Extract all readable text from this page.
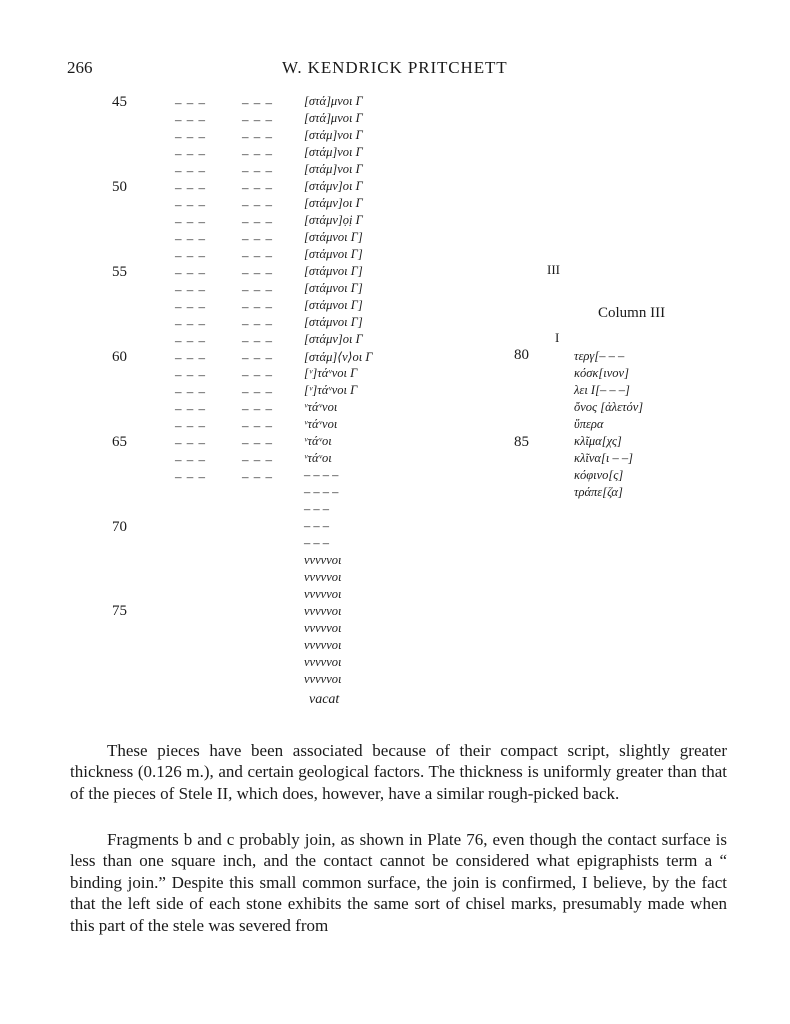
266	W. KENDRICK PRITCHETT
45
50
55
60
65
70
75
80
85
– – –
– – –
– – –
– – –
– – –
– – –
– – –
– – –
– – –
– – –
– – –
– – –
– – –
– – –
– – –
– – –
– – –
– – –
– – –
– – –
– – –
– – –
– – –
– – –
– – –
– – –
– – –
– – –
– – –
– – –
– – –
– – –
– – –
– – –
– – –
– – –
– – –
– – –
– – –
– – –
– – –
– – –
– – –
– – –
– – –
– – –
[στά]μνοι Γ
[στά]μνοι Γ
[στάμ]νοι Γ
[στάμ]νοι Γ
[στάμ]νοι Γ
[στάμν]οι Γ
[στάμν]οι Γ
[στάμν]ọị Γ
[στάμνοι Γ]
[στάμνοι Γ]
[στάμνοι Γ]
[στάμνοι Γ]
[στάμνοι Γ]
[στάμνοι Γ]
[στάμν]οι Γ
[στάμ]⟨ν⟩οι Γ
[ᵛ]τάᵛνοι Γ
[ᵛ]τάᵛνοι Γ
ᵛτάᵛνοι
ᵛτάᵛνοι
ᵛτάᵛοι
ᵛτάᵛοι
– – – –
– – – –
– – –
– – –
– – –
vvvvvοι
vvvvvοι
vvvvvοι
vvvvvοι
vvvvvοι
vvvvvοι
vvvvvοι
vvvvvοι
vacat
III
Column III
I
τεργ[– – –
κόσκ[ινον]
λει Ι[– – –]
ὄνος [ἀλετόν]
ὕπερα
κλῖμα[χς]
κλῖνα[ι – –]
κόφινο[ς]
τράπε[ζα]

These pieces have been associated because of their compact script, slightly greater thickness (0.126 m.), and certain geological factors. The thickness is uniformly greater than that of the pieces of Stele II, which does, however, have a similar rough-picked back.

Fragments b and c probably join, as shown in Plate 76, even though the contact surface is less than one square inch, and the contact cannot be considered what epigraphists term a “ binding join.” Despite this small common surface, the join is confirmed, I believe, by the fact that the left side of each stone exhibits the same sort of chisel marks, presumably made when this part of the stele was severed from
